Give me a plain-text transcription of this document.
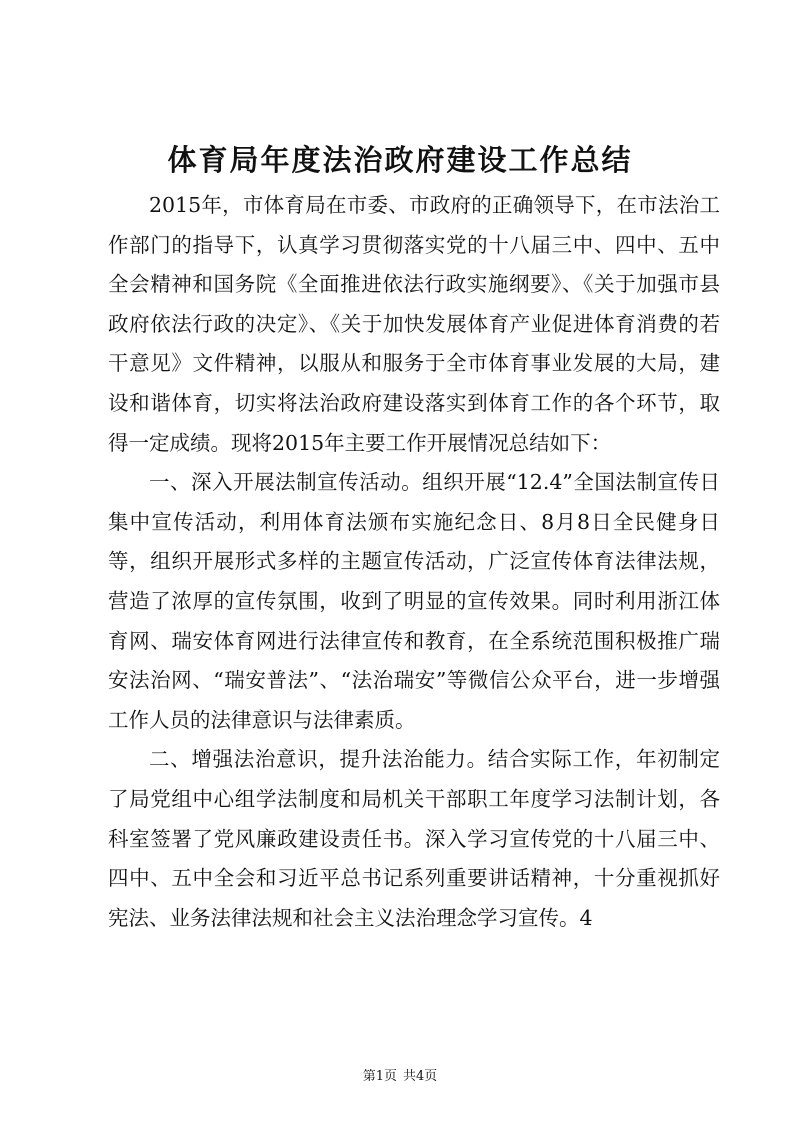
体育局年度法治政府建设工作总结

2015年，市体育局在市委、市政府的正确领导下，在市法治工作部门的指导下，认真学习贯彻落实党的十八届三中、四中、五中全会精神和国务院《全面推进依法行政实施纲要》、《关于加强市县政府依法行政的决定》、《关于加快发展体育产业促进体育消费的若干意见》文件精神，以服从和服务于全市体育事业发展的大局，建设和谐体育，切实将法治政府建设落实到体育工作的各个环节，取得一定成绩。现将2015年主要工作开展情况总结如下：

一、深入开展法制宣传活动。组织开展“12.4”全国法制宣传日集中宣传活动，利用体育法颁布实施纪念日、8月8日全民健身日等，组织开展形式多样的主题宣传活动，广泛宣传体育法律法规，营造了浓厚的宣传氛围，收到了明显的宣传效果。同时利用浙江体育网、瑞安体育网进行法律宣传和教育，在全系统范围积极推广瑞安法治网、“瑞安普法”、“法治瑞安”等微信公众平台，进一步增强工作人员的法律意识与法律素质。

二、增强法治意识，提升法治能力。结合实际工作，年初制定了局党组中心组学法制度和局机关干部职工年度学习法制计划，各科室签署了党风廉政建设责任书。深入学习宣传党的十八届三中、四中、五中全会和习近平总书记系列重要讲话精神，十分重视抓好宪法、业务法律法规和社会主义法治理念学习宣传。4

第1页 共4页
